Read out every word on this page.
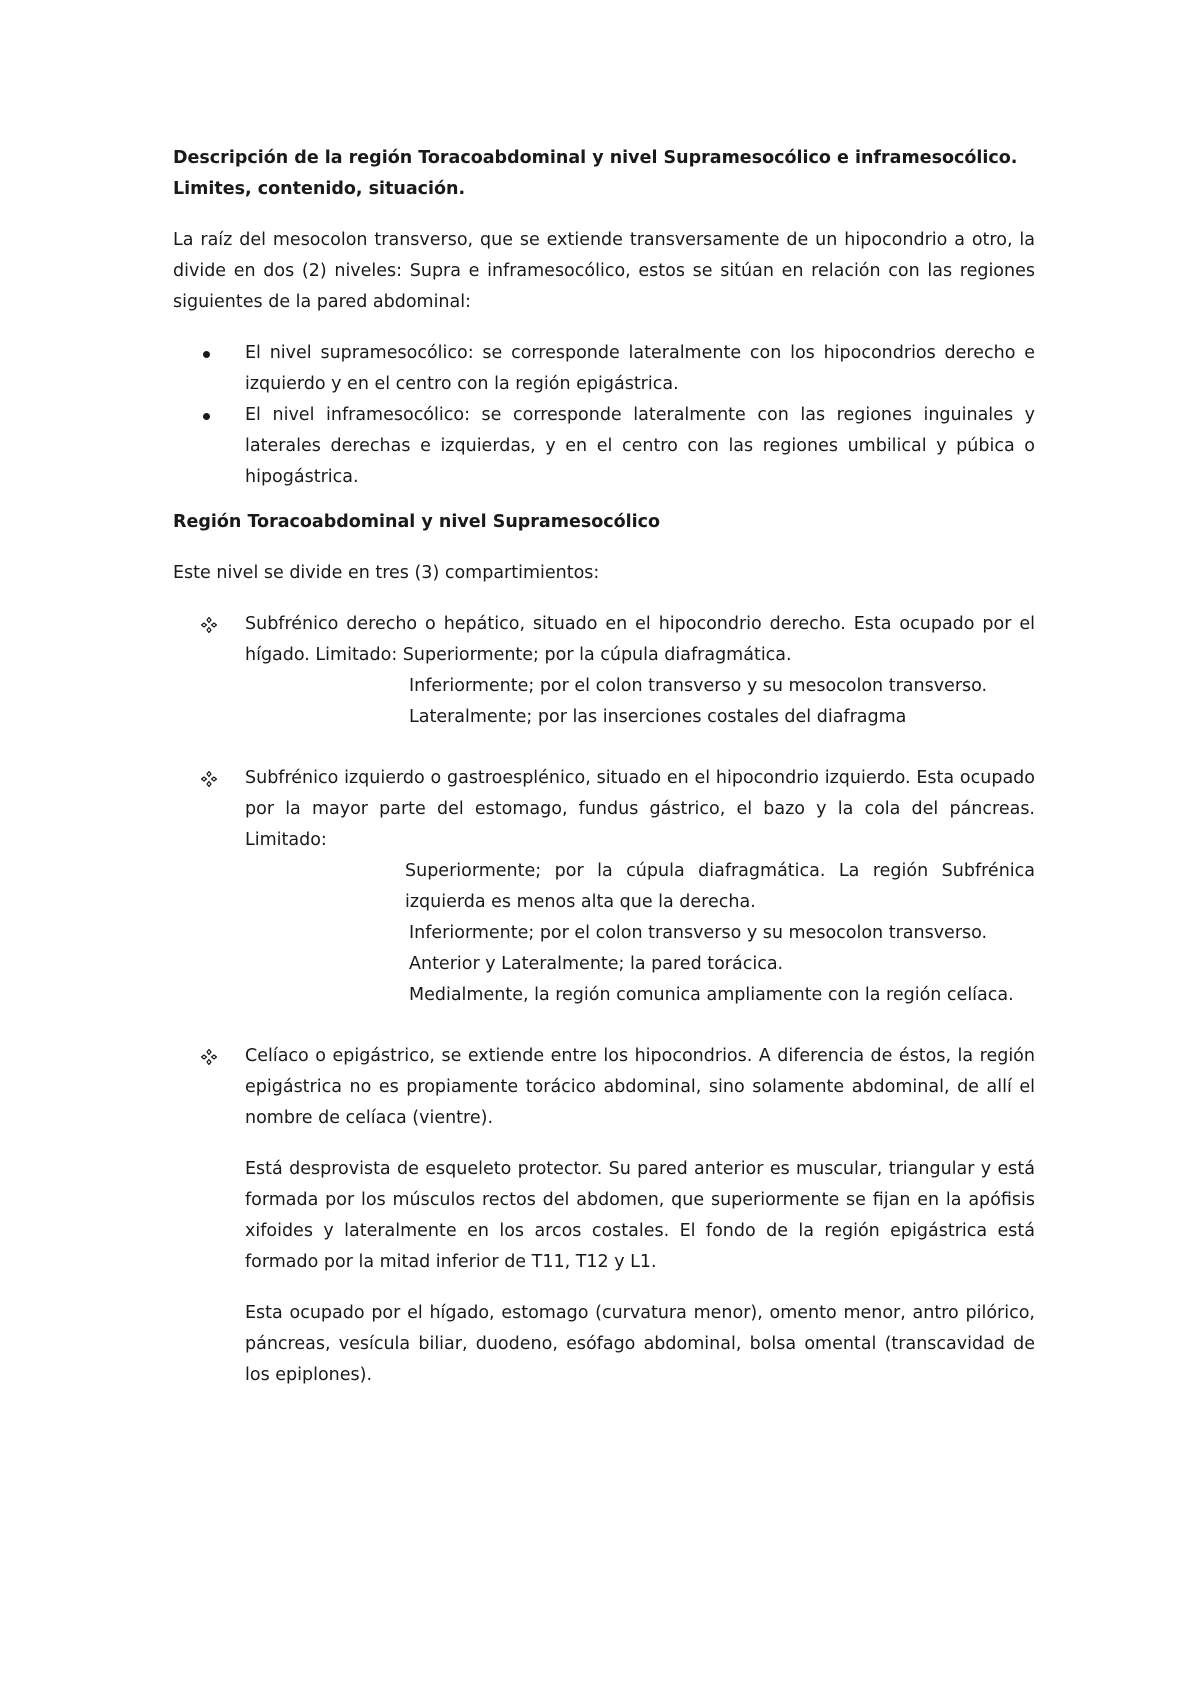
Descripción de la región Toracoabdominal y nivel Supramesocólico e inframesocólico.

Limites, contenido, situación.

La raíz del mesocolon transverso, que se extiende transversamente de un hipocondrio a otro, la divide en dos (2) niveles: Supra e inframesocólico, estos se sitúan en relación con las regiones siguientes de la pared abdominal:

El nivel supramesocólico: se corresponde lateralmente con los hipocondrios derecho e izquierdo y en el centro con la región epigástrica.

El nivel inframesocólico: se corresponde lateralmente con las regiones inguinales y laterales derechas e izquierdas, y en el centro con las regiones umbilical y púbica o hipogástrica.

Región Toracoabdominal y nivel Supramesocólico

Este nivel se divide en tres (3) compartimientos:

Subfrénico derecho o hepático, situado en el hipocondrio derecho. Esta ocupado por el hígado. Limitado: Superiormente; por la cúpula diafragmática.

Inferiormente; por el colon transverso y su mesocolon transverso.

Lateralmente; por las inserciones costales del diafragma

Subfrénico izquierdo o gastroesplénico, situado en el hipocondrio izquierdo. Esta ocupado por la mayor parte del estomago, fundus gástrico, el bazo y la cola del páncreas. Limitado:

Superiormente; por la cúpula diafragmática. La región Subfrénica izquierda es menos alta que la derecha.

Inferiormente; por el colon transverso y su mesocolon transverso.

Anterior y Lateralmente; la pared torácica.

Medialmente, la región comunica ampliamente con la región celíaca.

Celíaco o epigástrico, se extiende entre los hipocondrios. A diferencia de éstos, la región epigástrica no es propiamente torácico abdominal, sino solamente abdominal, de allí el nombre de celíaca (vientre).

Está desprovista de esqueleto protector. Su pared anterior es muscular, triangular y está formada por los músculos rectos del abdomen, que superiormente se fijan en la apófisis xifoides y lateralmente en los arcos costales. El fondo de la región epigástrica está formado por la mitad inferior de T11, T12 y L1.

Esta ocupado por el hígado, estomago (curvatura menor), omento menor, antro pilórico, páncreas, vesícula biliar, duodeno, esófago abdominal, bolsa omental (transcavidad de los epiplones).
